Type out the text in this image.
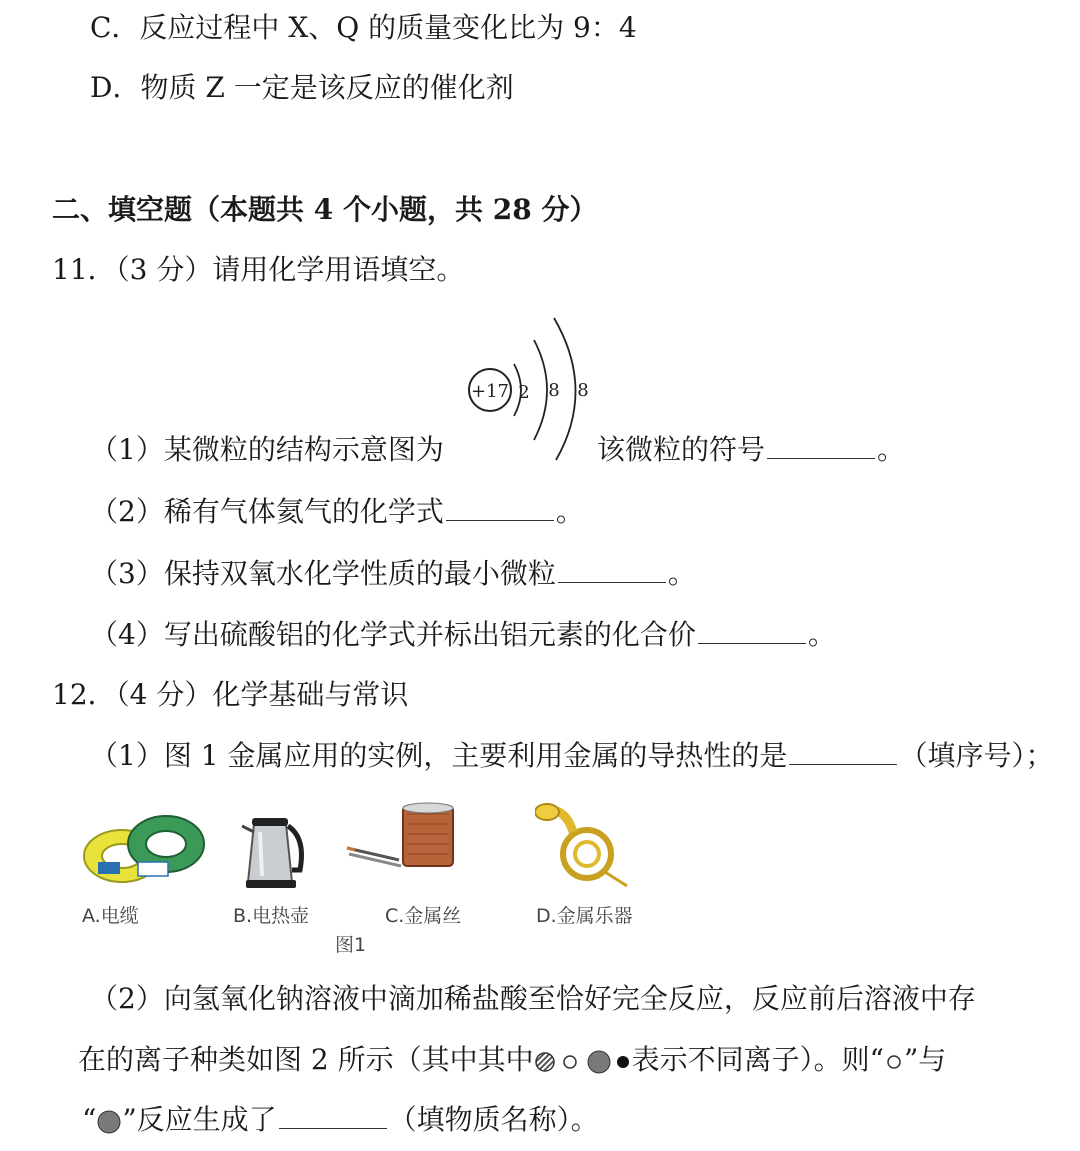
C．反应过程中 X、Q 的质量变化比为 9：4
D．物质 Z 一定是该反应的催化剂
二、填空题（本题共 4 个小题，共 28 分）
11．（3 分）请用化学用语填空。
+17 2 8 8
（1）某微粒的结构示意图为	该微粒的符号	。
（2）稀有气体氦气的化学式	。
（3）保持双氧水化学性质的最小微粒	。
（4）写出硫酸铝的化学式并标出铝元素的化合价	。
12．（4 分）化学基础与常识
（1）图 1 金属应用的实例，主要利用金属的导热性的是	（填序号）；
A.电缆	B.电热壶	C.金属丝	D.金属乐器
图1
（2）向氢氧化钠溶液中滴加稀盐酸至恰好完全反应，反应前后溶液中存
在的离子种类如图 2 所示（其中其中	表示不同离子）。则“ ”与
“ ”反应生成了	（填物质名称）。
